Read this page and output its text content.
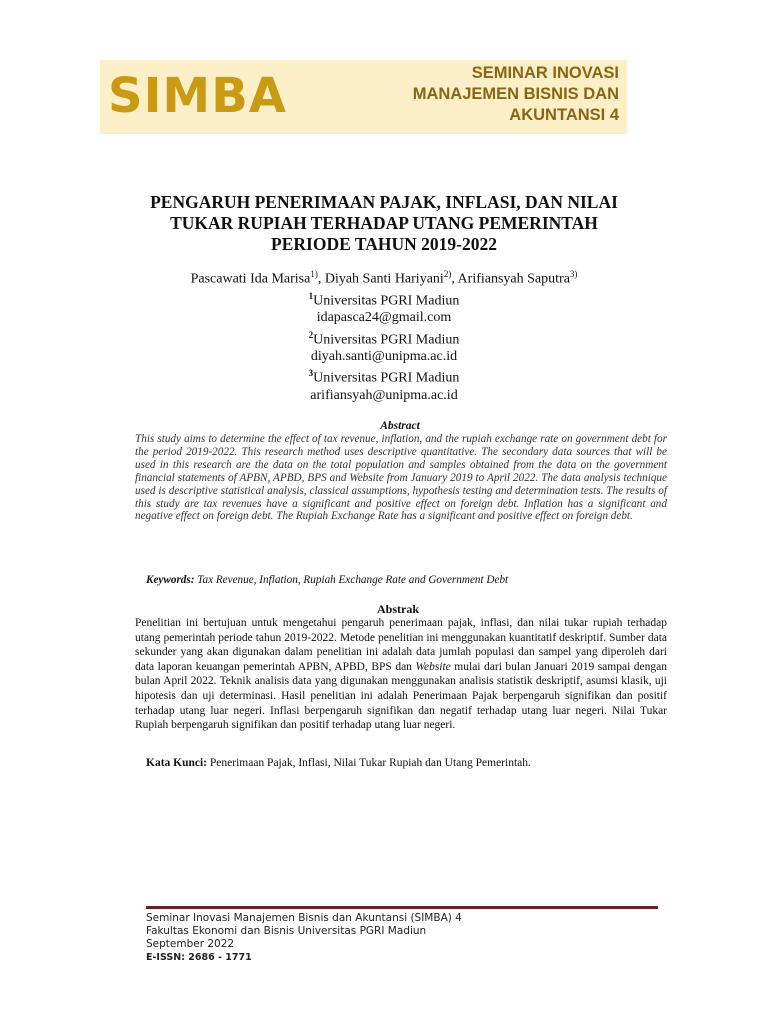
SIMBA	SEMINAR INOVASI
MANAJEMEN BISNIS DAN
AKUNTANSI 4
PENGARUH PENERIMAAN PAJAK, INFLASI, DAN NILAI
TUKAR RUPIAH TERHADAP UTANG PEMERINTAH
PERIODE TAHUN 2019-2022
Pascawati Ida Marisa$^{1)}$, Diyah Santi Hariyani$^{2)}$, Arifiansyah Saputra$^{3)}$
$^1$Universitas PGRI Madiun
idapasca24@gmail.com
$^2$Universitas PGRI Madiun
diyah.santi@unipma.ac.id
$^3$Universitas PGRI Madiun
arifiansyah@unipma.ac.id
Abstract
This study aims to determine the effect of tax revenue, inflation, and the rupiah exchange rate on government debt for the period 2019-2022. This research method uses descriptive quantitative. The secondary data sources that will be used in this research are the data on the total population and samples obtained from the data on the government financial statements of APBN, APBD, BPS and Website from January 2019 to April 2022. The data analysis technique used is descriptive statistical analysis, classical assumptions, hypothesis testing and determination tests. The results of this study are tax revenues have a significant and positive effect on foreign debt. Inflation has a significant and negative effect on foreign debt. The Rupiah Exchange Rate has a significant and positive effect on foreign debt.
Keywords: Tax Revenue, Inflation, Rupiah Exchange Rate and Government Debt
Abstrak
Penelitian ini bertujuan untuk mengetahui pengaruh penerimaan pajak, inflasi, dan nilai tukar rupiah terhadap utang pemerintah periode tahun 2019-2022. Metode penelitian ini menggunakan kuantitatif deskriptif. Sumber data sekunder yang akan digunakan dalam penelitian ini adalah data jumlah populasi dan sampel yang diperoleh dari data laporan keuangan pemerintah APBN, APBD, BPS dan Website mulai dari bulan Januari 2019 sampai dengan bulan April 2022. Teknik analisis data yang digunakan menggunakan analisis statistik deskriptif, asumsi klasik, uji hipotesis dan uji determinasi. Hasil penelitian ini adalah Penerimaan Pajak berpengaruh signifikan dan positif terhadap utang luar negeri. Inflasi berpengaruh signifikan dan negatif terhadap utang luar negeri. Nilai Tukar Rupiah berpengaruh signifikan dan positif terhadap utang luar negeri.
Kata Kunci: Penerimaan Pajak, Inflasi, Nilai Tukar Rupiah dan Utang Pemerintah.
Seminar Inovasi Manajemen Bisnis dan Akuntansi (SIMBA) 4
Fakultas Ekonomi dan Bisnis Universitas PGRI Madiun
September 2022
E-ISSN: 2686 - 1771
